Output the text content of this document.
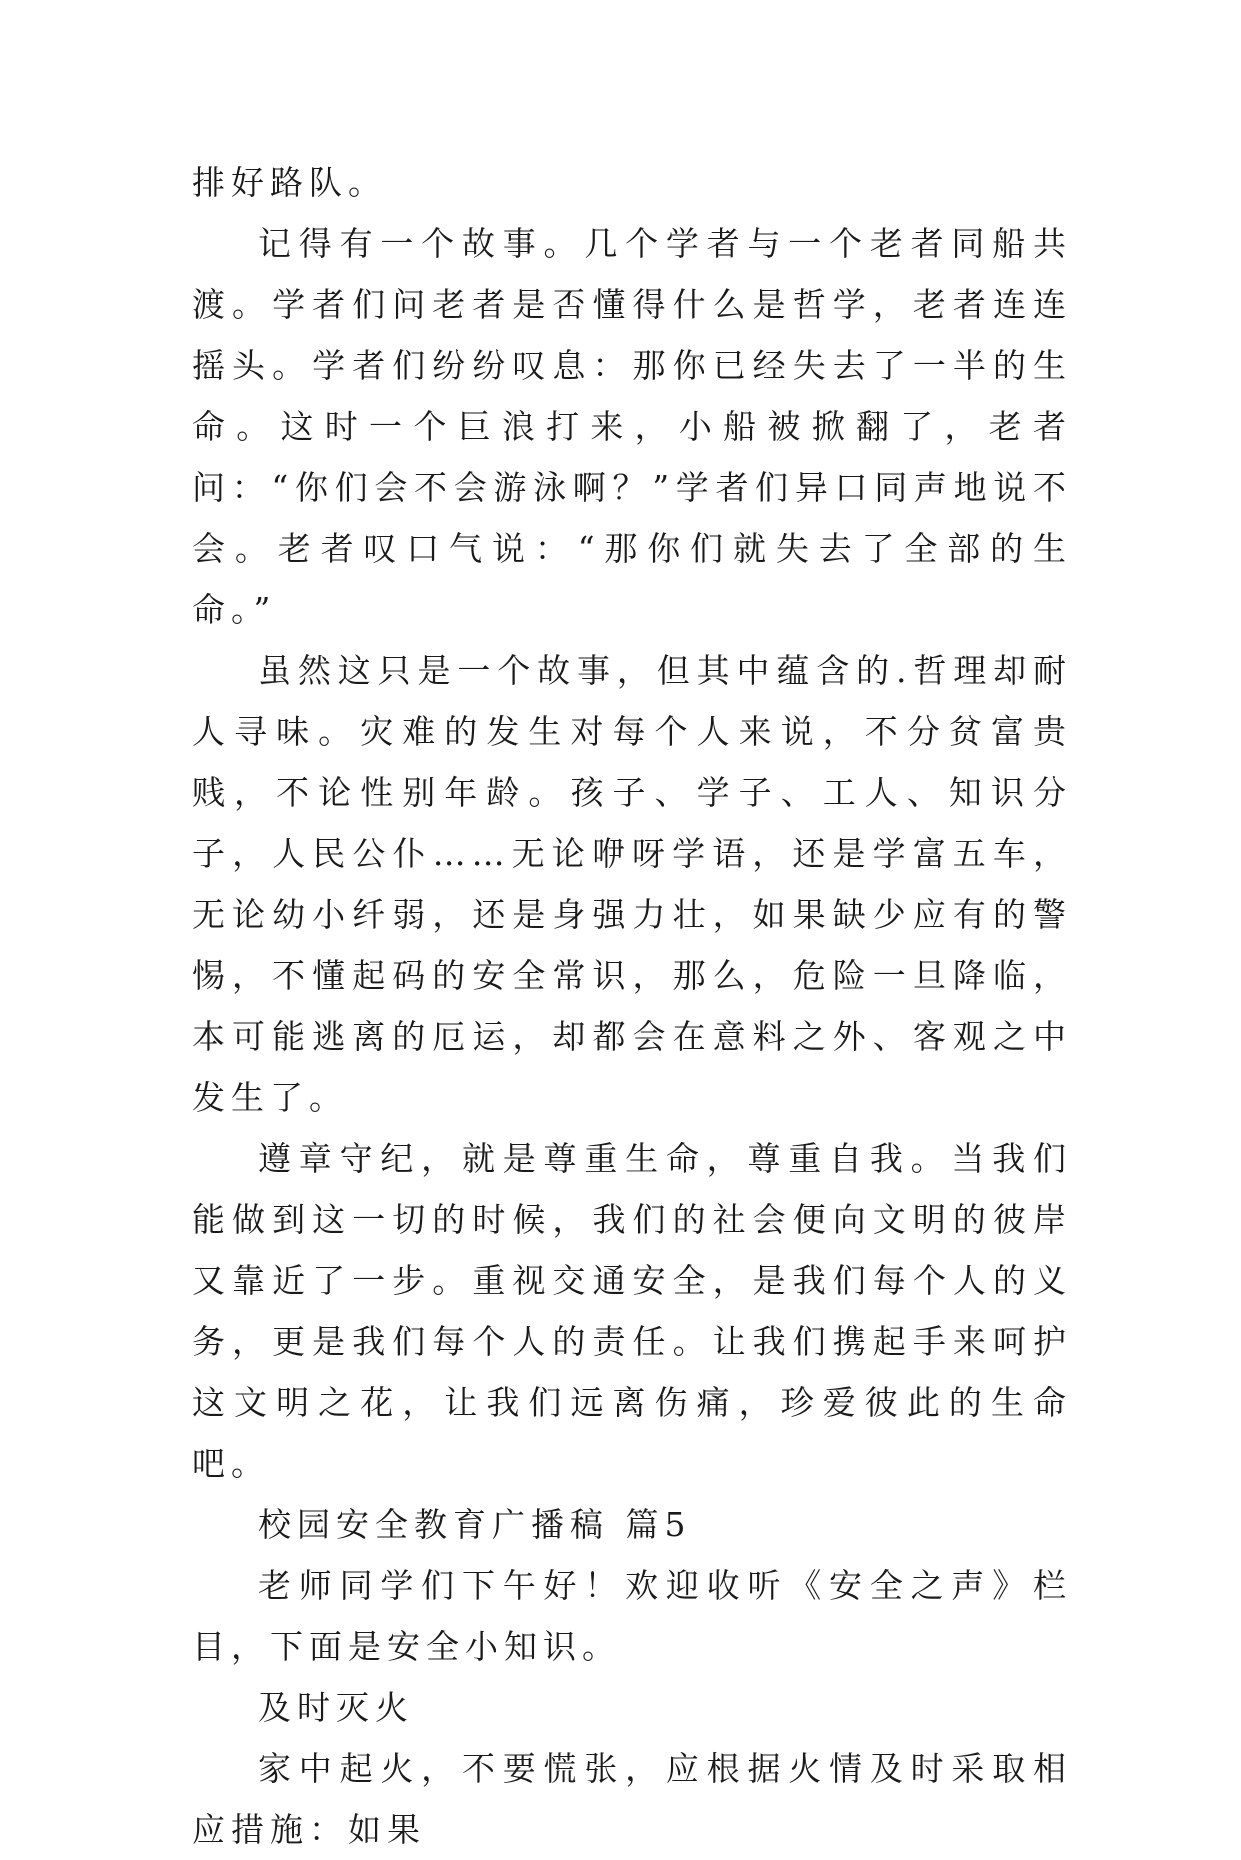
排好路队。

记得有一个故事。几个学者与一个老者同船共渡。学者们问老者是否懂得什么是哲学，老者连连摇头。学者们纷纷叹息：那你已经失去了一半的生命。这时一个巨浪打来，小船被掀翻了，老者问：“你们会不会游泳啊？”学者们异口同声地说不会。老者叹口气说：“那你们就失去了全部的生命。”

虽然这只是一个故事，但其中蕴含的.哲理却耐人寻味。灾难的发生对每个人来说，不分贫富贵贱，不论性别年龄。孩子、学子、工人、知识分子，人民公仆……无论咿呀学语，还是学富五车，无论幼小纤弱，还是身强力壮，如果缺少应有的警惕，不懂起码的安全常识，那么，危险一旦降临，本可能逃离的厄运，却都会在意料之外、客观之中发生了。

遵章守纪，就是尊重生命，尊重自我。当我们能做到这一切的时候，我们的社会便向文明的彼岸又靠近了一步。重视交通安全，是我们每个人的义务，更是我们每个人的责任。让我们携起手来呵护这文明之花，让我们远离伤痛，珍爱彼此的生命吧。

校园安全教育广播稿 篇5

老师同学们下午好！欢迎收听《安全之声》栏目，下面是安全小知识。

及时灭火

家中起火，不要慌张，应根据火情及时采取相应措施：如果
